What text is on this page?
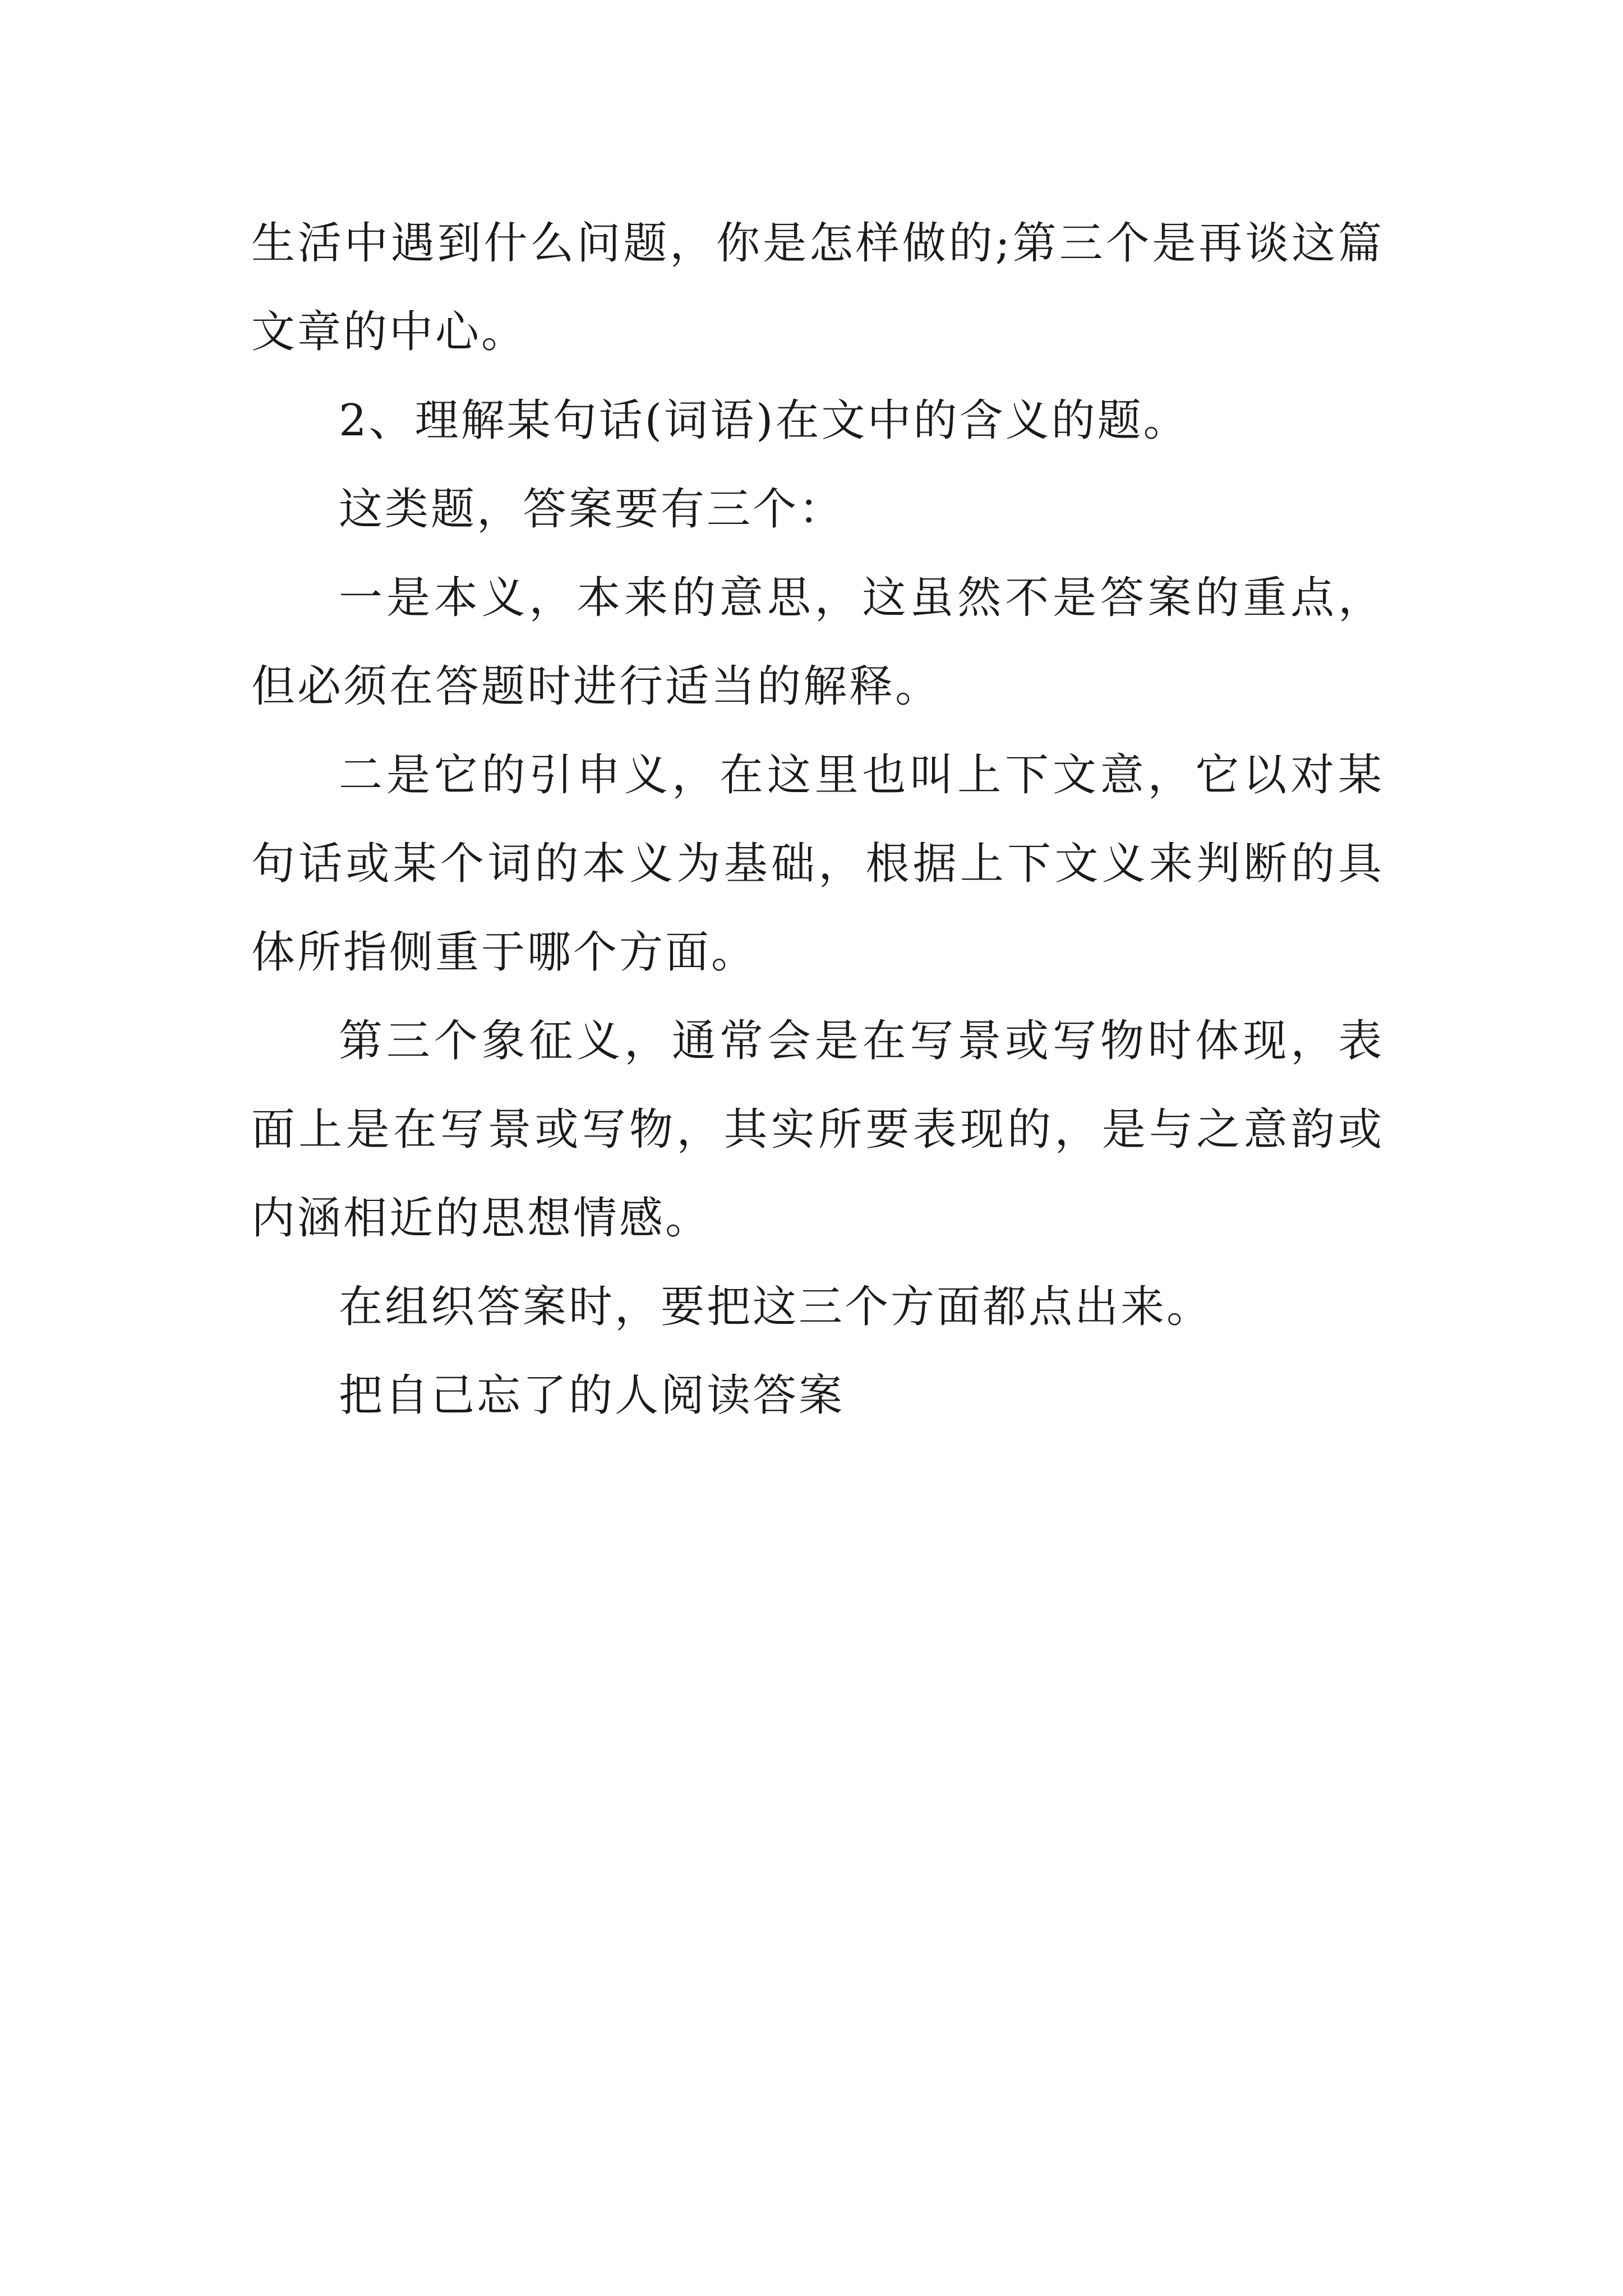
生活中遇到什么问题，你是怎样做的;第三个是再谈这篇文章的中心。

2、理解某句话(词语)在文中的含义的题。

这类题，答案要有三个：

一是本义，本来的意思，这虽然不是答案的重点，但必须在答题时进行适当的解释。

二是它的引申义，在这里也叫上下文意，它以对某句话或某个词的本义为基础，根据上下文义来判断的具体所指侧重于哪个方面。

第三个象征义，通常会是在写景或写物时体现，表面上是在写景或写物，其实所要表现的，是与之意韵或内涵相近的思想情感。

在组织答案时，要把这三个方面都点出来。

把自己忘了的人阅读答案
